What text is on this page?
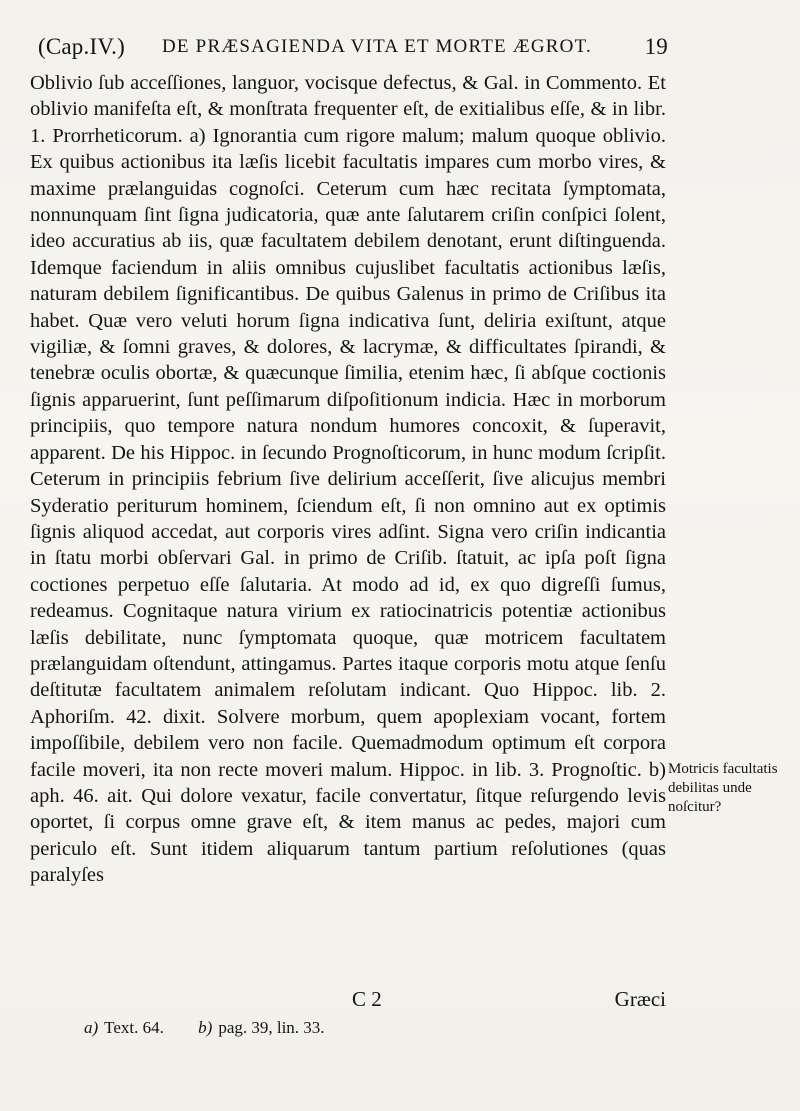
(Cap.IV.) DE PRÆSAGIENDA VITA ET MORTE ÆGROT. 19

Oblivio ſub acceſſiones, languor, vocisque defectus, & Gal. in Commento. Et oblivio manifeſta eſt, & monſtrata frequenter eſt, de exitialibus eſſe, & in libr. 1. Prorrheticorum. a) Ignorantia cum rigore malum; malum quoque oblivio. Ex quibus actionibus ita læſis licebit facultatis impares cum morbo vires, & maxime prælanguidas cognoſci. Ceterum cum hæc recitata ſymptomata, nonnunquam ſint ſigna judicatoria, quæ ante ſalutarem criſin conſpici ſolent, ideo accuratius ab iis, quæ facultatem debilem denotant, erunt diſtinguenda. Idemque faciendum in aliis omnibus cujuslibet facultatis actionibus læſis, naturam debilem ſignificantibus. De quibus Galenus in primo de Criſibus ita habet. Quæ vero veluti horum ſigna indicativa ſunt, deliria exiſtunt, atque vigiliæ, & ſomni graves, & dolores, & lacrymæ, & difficultates ſpirandi, & tenebræ oculis obortæ, & quæcunque ſimilia, etenim hæc, ſi abſque coctionis ſignis apparuerint, ſunt peſſimarum diſpoſitionum indicia. Hæc in morborum principiis, quo tempore natura nondum humores concoxit, & ſuperavit, apparent. De his Hippoc. in ſecundo Prognoſticorum, in hunc modum ſcripſit. Ceterum in principiis febrium ſive delirium acceſſerit, ſive alicujus membri Syderatio periturum hominem, ſciendum eſt, ſi non omnino aut ex optimis ſignis aliquod accedat, aut corporis vires adſint. Signa vero criſin indicantia in ſtatu morbi obſervari Gal. in primo de Criſib. ſtatuit, ac ipſa poſt ſigna coctiones perpetuo eſſe ſalutaria. At modo ad id, ex quo digreſſi ſumus, redeamus. Cognitaque natura virium ex ratiocinatricis potentiæ actionibus læſis debilitate, nunc ſymptomata quoque, quæ motricem facultatem prælanguidam oſtendunt, attingamus. Partes itaque corporis motu atque ſenſu deſtitutæ facultatem animalem reſolutam indicant. Quo Hippoc. lib. 2. Aphoriſm. 42. dixit. Solvere morbum, quem apoplexiam vocant, fortem impoſſibile, debilem vero non facile. Quemadmodum optimum eſt corpora facile moveri, ita non recte moveri malum. Hippoc. in lib. 3. Prognoſtic. b) aph. 46. ait. Qui dolore vexatur, facile convertatur, ſitque reſurgendo levis oportet, ſi corpus omne grave eſt, & item manus ac pedes, majori cum periculo eſt. Sunt itidem aliquarum tantum partium reſolutiones (quas paralyſes

Motricis facultatis debilitas unde noſcitur?
C 2	Græci
a) Text. 64. b) pag. 39, lin. 33.
